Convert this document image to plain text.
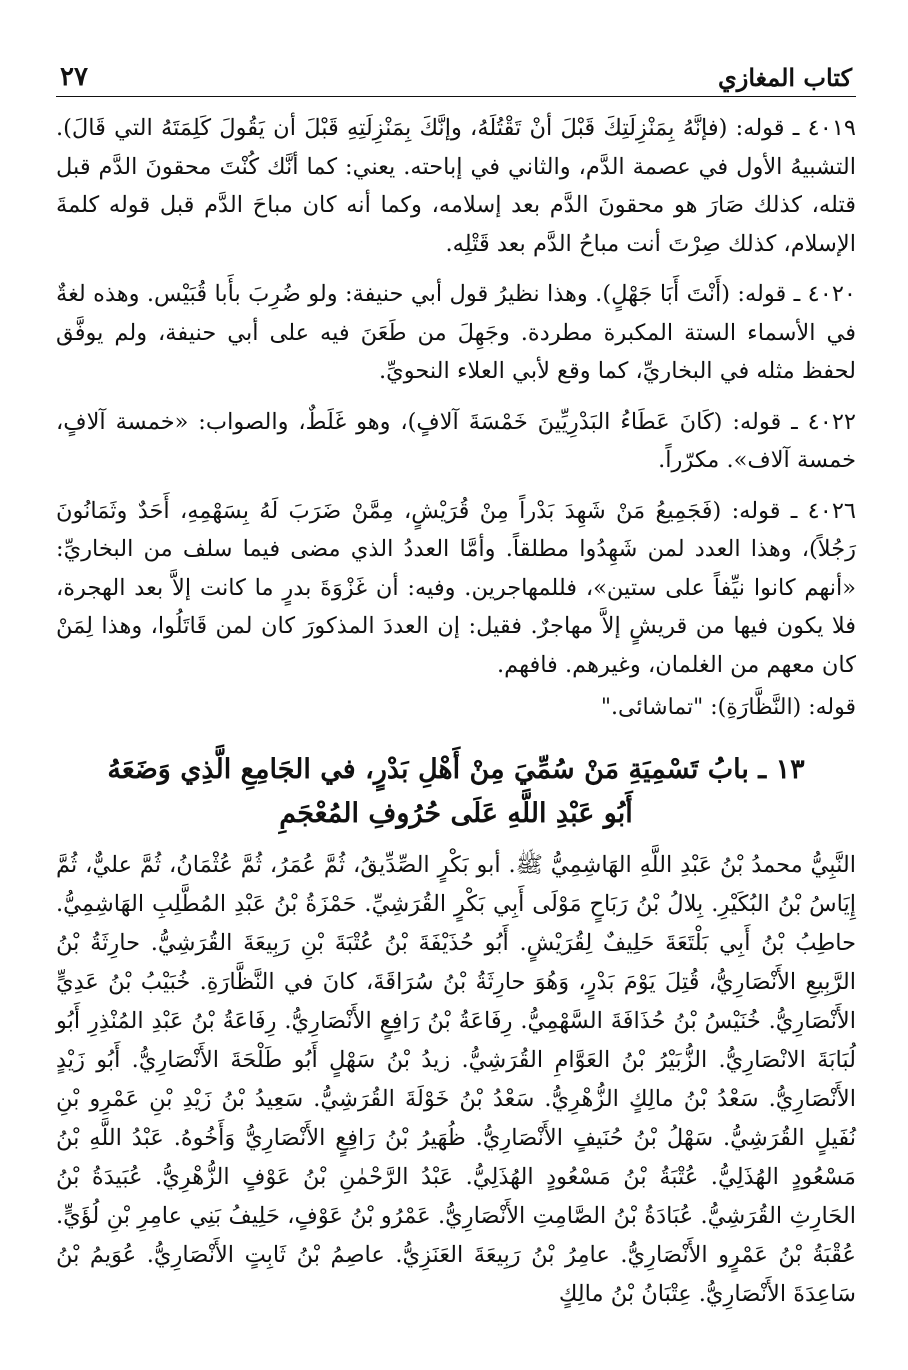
كتاب المغازي
٢٧

٤٠١٩ ـ قوله: (فإنَّهُ بِمَنْزِلَتِكَ قَبْلَ أنْ تَقْتُلَهُ، وإنَّكَ بِمَنْزِلَتِهِ قَبْلَ أن يَقُولَ كَلِمَتَهُ التي قَالَ). التشبيهُ الأول في عصمة الدَّم، والثاني في إباحته. يعني: كما أنَّك كُنْتَ محقونَ الدَّم قبل قتله، كذلك صَارَ هو محقونَ الدَّم بعد إسلامه، وكما أنه كان مباحَ الدَّم قبل قوله كلمةَ الإسلام، كذلك صِرْتَ أنت مباحُ الدَّم بعد قَتْلِه.

٤٠٢٠ ـ قوله: (أَنْتَ أَبَا جَهْلٍ). وهذا نظيرُ قول أبي حنيفة: ولو ضُرِبَ بأَبا قُبَيْس. وهذه لغةٌ في الأسماء الستة المكبرة مطردة. وجَهِلَ من طَعَنَ فيه على أبي حنيفة، ولم يوفَّق لحفظ مثله في البخاريِّ، كما وقع لأبي العلاء النحويِّ.

٤٠٢٢ ـ قوله: (كَانَ عَطَاءُ البَدْرِيِّينَ خَمْسَةَ آلافٍ)، وهو غَلَطٌ، والصواب: «خمسة آلافٍ، خمسة آلاف». مكرّراً.

٤٠٢٦ ـ قوله: (فَجَمِيعُ مَنْ شَهِدَ بَدْراً مِنْ قُرَيْشٍ، مِمَّنْ ضَرَبَ لَهُ بِسَهْمِهِ، أَحَدٌ وثَمَانُونَ رَجُلاً)، وهذا العدد لمن شَهِدُوا مطلقاً. وأمَّا العددُ الذي مضى فيما سلف من البخاريِّ: «أنهم كانوا نيِّفاً على ستين»، فللمهاجرين. وفيه: أن غَزْوَةَ بدرٍ ما كانت إلاَّ بعد الهجرة، فلا يكون فيها من قريشٍ إلاَّ مهاجرٌ. فقيل: إن العددَ المذكورَ كان لمن قَاتَلُوا، وهذا لِمَنْ كان معهم من الغلمان، وغيرهم. فافهم.

قوله: (النَّظَّارَةِ): "تماشائى."

١٣ ـ بابُ تَسْمِيَةِ مَنْ سُمِّيَ مِنْ أَهْلِ بَدْرٍ، في الجَامِعِ الَّذِي وَضَعَهُ
أَبُو عَبْدِ اللَّهِ عَلَى حُرُوفِ المُعْجَمِ

النَّبِيُّ محمدُ بْنُ عَبْدِ اللَّهِ الهَاشِمِيُّ ﷺ. أبو بَكْرٍ الصِّدِّيقُ، ثُمَّ عُمَرُ، ثُمَّ عُثْمَانُ، ثُمَّ عليٌّ، ثُمَّ إِيَاسُ بْنُ البُكَيْرِ. بِلالُ بْنُ رَبَاحٍ مَوْلَى أَبِي بَكْرٍ القُرَشِيِّ. حَمْزَةُ بْنُ عَبْدِ المُطَّلِبِ الهَاشِمِيُّ. حاطِبُ بْنُ أَبِي بَلْتَعَةَ حَلِيفٌ لِقُرَيْشٍ. أَبُو حُذَيْفَةَ بْنُ عُتْبَةَ بْنِ رَبِيعَةَ القُرَشِيُّ. حارِثَةُ بْنُ الرَّبِيعِ الأَنْصَارِيُّ، قُتِلَ يَوْمَ بَدْرٍ، وَهُوَ حارِثَةُ بْنُ سُرَاقَةَ، كانَ في النَّظَّارَةِ. خُبَيْبُ بْنُ عَدِيٍّ الأَنْصَارِيُّ. خُنَيْسُ بْنُ حُذَافَةَ السَّهْمِيُّ. رِفَاعَةُ بْنُ رَافِعٍ الأَنْصَارِيُّ. رِفَاعَةُ بْنُ عَبْدِ المُنْذِرِ أَبُو لُبَابَةَ الانْصَارِيُّ. الزُّبَيْرُ بْنُ العَوَّامِ القُرَشِيُّ. زيدُ بْنُ سَهْلٍ أَبُو طَلْحَةَ الأَنْصَارِيُّ. أَبُو زَيْدٍ الأَنْصَارِيُّ. سَعْدُ بْنُ مالِكٍ الزُّهْرِيُّ. سَعْدُ بْنُ خَوْلَةَ القُرَشِيُّ. سَعِيدُ بْنُ زَيْدِ بْنِ عَمْرِو بْنِ نُفَيلٍ القُرَشِيُّ. سَهْلُ بْنُ حُنَيفٍ الأَنْصَارِيُّ. ظُهَيرُ بْنُ رَافِعٍ الأَنْصَارِيُّ وَأَخُوهُ. عَبْدُ اللَّهِ بْنُ مَسْعُودٍ الهُذَلِيُّ. عُتْبَةُ بْنُ مَسْعُودٍ الهُذَلِيُّ. عَبْدُ الرَّحْمٰنِ بْنُ عَوْفٍ الزُّهْرِيُّ. عُبَيدَةُ بْنُ الحَارِثِ القُرَشِيُّ. عُبَادَةُ بْنُ الصَّامِتِ الأَنْصَارِيُّ. عَمْرُو بْنُ عَوْفٍ، حَلِيفُ بَنِي عامِرِ بْنِ لُؤَيٍّ. عُقْبَةُ بْنُ عَمْرٍو الأَنْصَارِيُّ. عامِرُ بْنُ رَبِيعَةَ العَنَزِيُّ. عاصِمُ بْنُ ثَابِتٍ الأَنْصَارِيُّ. عُوَيمُ بْنُ سَاعِدَةَ الأَنْصَارِيُّ. عِتْبَانُ بْنُ مالِكٍ
